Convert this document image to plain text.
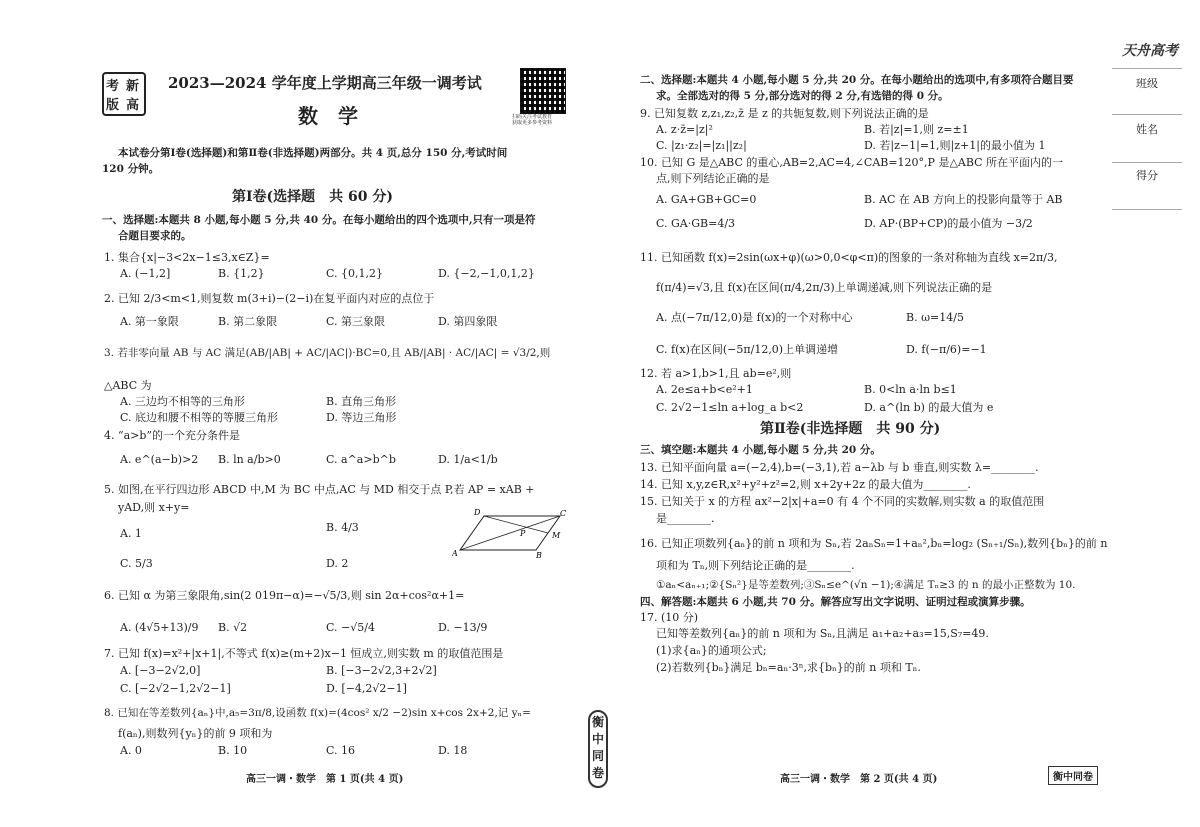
考 新
版 高
2023—2024 学年度上学期高三年级一调考试
数　学	扫码关注考试教育
获取更多参考资料
本试卷分第Ⅰ卷(选择题)和第Ⅱ卷(非选择题)两部分。共 4 页,总分 150 分,考试时间
120 分钟。
第Ⅰ卷(选择题　共 60 分)
一、选择题:本题共 8 小题,每小题 5 分,共 40 分。在每小题给出的四个选项中,只有一项是符
合题目要求的。
1. 集合{x|−3<2x−1≤3,x∈Z}=
A. (−1,2]	B. {1,2}	C. {0,1,2}	D. {−2,−1,0,1,2}
2. 已知 2/3<m<1,则复数 m(3+i)−(2−i)在复平面内对应的点位于
A. 第一象限	B. 第二象限	C. 第三象限	D. 第四象限
3. 若非零向量 AB 与 AC 满足(AB/|AB| + AC/|AC|)·BC=0,且 AB/|AB| · AC/|AC| = √3/2,则
△ABC 为
A. 三边均不相等的三角形	B. 直角三角形
C. 底边和腰不相等的等腰三角形	D. 等边三角形
4. “a>b”的一个充分条件是
A. e^(a−b)>2 B. ln a/b>0	C. a^a>b^b	D. 1/a<1/b
5. 如图,在平行四边形 ABCD 中,M 为 BC 中点,AC 与 MD 相交于点 P,若 AP = xAB +
yAD,则 x+y=
A. 1	B. 4/3
C. 5/3	D. 2
A	B
C
D
M
P
6. 已知 α 为第三象限角,sin(2 019π−α)=−√5/3,则 sin 2α+cos²α+1=
A. (4√5+13)/9 B. √2	C. −√5/4	D. −13/9
7. 已知 f(x)=x²+|x+1|,不等式 f(x)≥(m+2)x−1 恒成立,则实数 m 的取值范围是
A. [−3−2√2,0]	B. [−3−2√2,3+2√2]
C. [−2√2−1,2√2−1]	D. [−4,2√2−1]
8. 已知在等差数列{aₙ}中,a₅=3π/8,设函数 f(x)=(4cos² x/2 −2)sin x+cos 2x+2,记 yₙ=
f(aₙ),则数列{yₙ}的前 9 项和为
A. 0	B. 10	C. 16	D. 18
高三一调・数学　第 1 页(共 4 页)
衡中同卷
二、选择题:本题共 4 小题,每小题 5 分,共 20 分。在每小题给出的选项中,有多项符合题目要
求。全部选对的得 5 分,部分选对的得 2 分,有选错的得 0 分。
9. 已知复数 z,z₁,z₂,z̄ 是 z 的共轭复数,则下列说法正确的是
A. z·z̄=|z|²	B. 若|z|=1,则 z=±1
C. |z₁·z₂|=|z₁||z₂|	D. 若|z−1|=1,则|z+1|的最小值为 1
10. 已知 G 是△ABC 的重心,AB=2,AC=4,∠CAB=120°,P 是△ABC 所在平面内的一
点,则下列结论正确的是
A. GA+GB+GC=0	B. AC 在 AB 方向上的投影向量等于 AB
C. GA·GB=4/3	D. AP·(BP+CP)的最小值为 −3/2
11. 已知函数 f(x)=2sin(ωx+φ)(ω>0,0<φ<π)的图象的一条对称轴为直线 x=2π/3,
f(π/4)=√3,且 f(x)在区间(π/4,2π/3)上单调递减,则下列说法正确的是
A. 点(−7π/12,0)是 f(x)的一个对称中心	B. ω=14/5
C. f(x)在区间(−5π/12,0)上单调递增	D. f(−π/6)=−1
12. 若 a>1,b>1,且 ab=e²,则
A. 2e≤a+b<e²+1	B. 0<ln a·ln b≤1
C. 2√2−1≤ln a+log_a b<2	D. a^(ln b) 的最大值为 e
第Ⅱ卷(非选择题　共 90 分)
三、填空题:本题共 4 小题,每小题 5 分,共 20 分。
13. 已知平面向量 a=(−2,4),b=(−3,1),若 a−λb 与 b 垂直,则实数 λ=________.
14. 已知 x,y,z∈R,x²+y²+z²=2,则 x+2y+2z 的最大值为________.
15. 已知关于 x 的方程 ax²−2|x|+a=0 有 4 个不同的实数解,则实数 a 的取值范围
是________.
16. 已知正项数列{aₙ}的前 n 项和为 Sₙ,若 2aₙSₙ=1+aₙ²,bₙ=log₂ (Sₙ₊₁/Sₙ),数列{bₙ}的前 n
项和为 Tₙ,则下列结论正确的是________.
①aₙ<aₙ₊₁;②{Sₙ²}是等差数列;③Sₙ≤e^(√n −1);④满足 Tₙ≥3 的 n 的最小正整数为 10.
四、解答题:本题共 6 小题,共 70 分。解答应写出文字说明、证明过程或演算步骤。
17. (10 分)
已知等差数列{aₙ}的前 n 项和为 Sₙ,且满足 a₁+a₂+a₃=15,S₇=49.
(1)求{aₙ}的通项公式;
(2)若数列{bₙ}满足 bₙ=aₙ·3ⁿ,求{bₙ}的前 n 项和 Tₙ.
高三一调・数学　第 2 页(共 4 页)	衡中同卷
天舟高考
班级
姓名
得分
